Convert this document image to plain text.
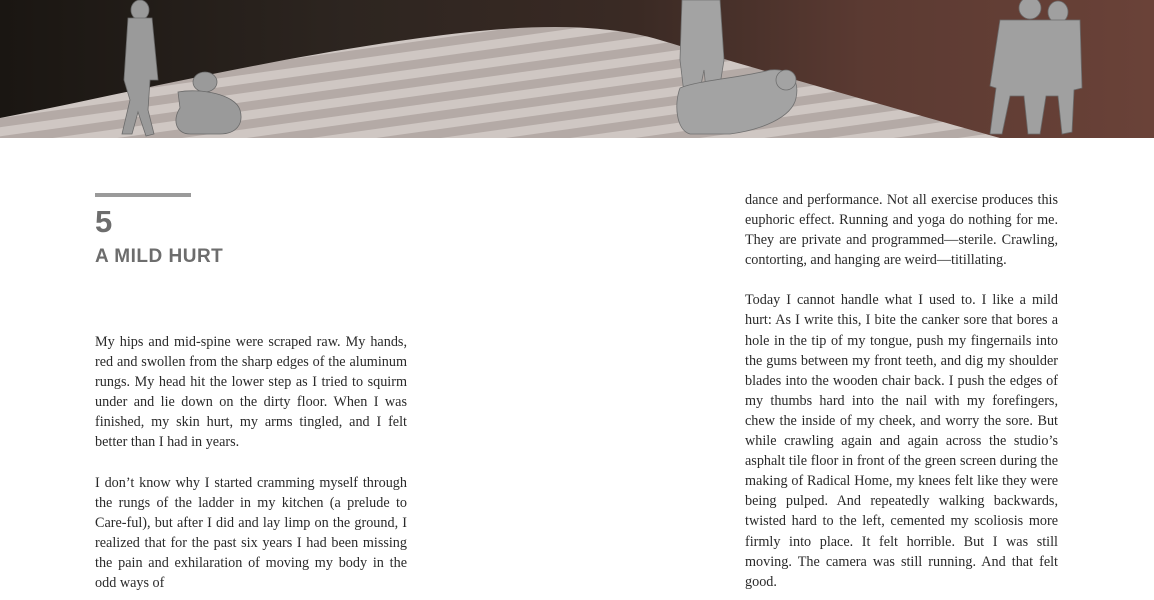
5
A MILD HURT

My hips and mid-spine were scraped raw. My hands, red and swollen from the sharp edges of the aluminum rungs. My head hit the lower step as I tried to squirm under and lie down on the dirty floor. When I was finished, my skin hurt, my arms tingled, and I felt better than I had in years.

I don’t know why I started cramming myself through the rungs of the ladder in my kitchen (a prelude to Care-ful), but after I did and lay limp on the ground, I realized that for the past six years I had been missing the pain and exhilaration of moving my body in the odd ways of

dance and performance. Not all exercise produces this euphoric effect. Running and yoga do nothing for me. They are private and programmed—sterile. Crawling, contorting, and hanging are weird—titillating.

Today I cannot handle what I used to. I like a mild hurt: As I write this, I bite the canker sore that bores a hole in the tip of my tongue, push my fingernails into the gums between my front teeth, and dig my shoulder blades into the wooden chair back. I push the edges of my thumbs hard into the nail with my forefingers, chew the inside of my cheek, and worry the sore. But while crawling again and again across the studio’s asphalt tile floor in front of the green screen during the making of Radical Home, my knees felt like they were being pulped. And repeatedly walking backwards, twisted hard to the left, cemented my scoliosis more firmly into place. It felt horrible. But I was still moving. The camera was still running. And that felt good.
